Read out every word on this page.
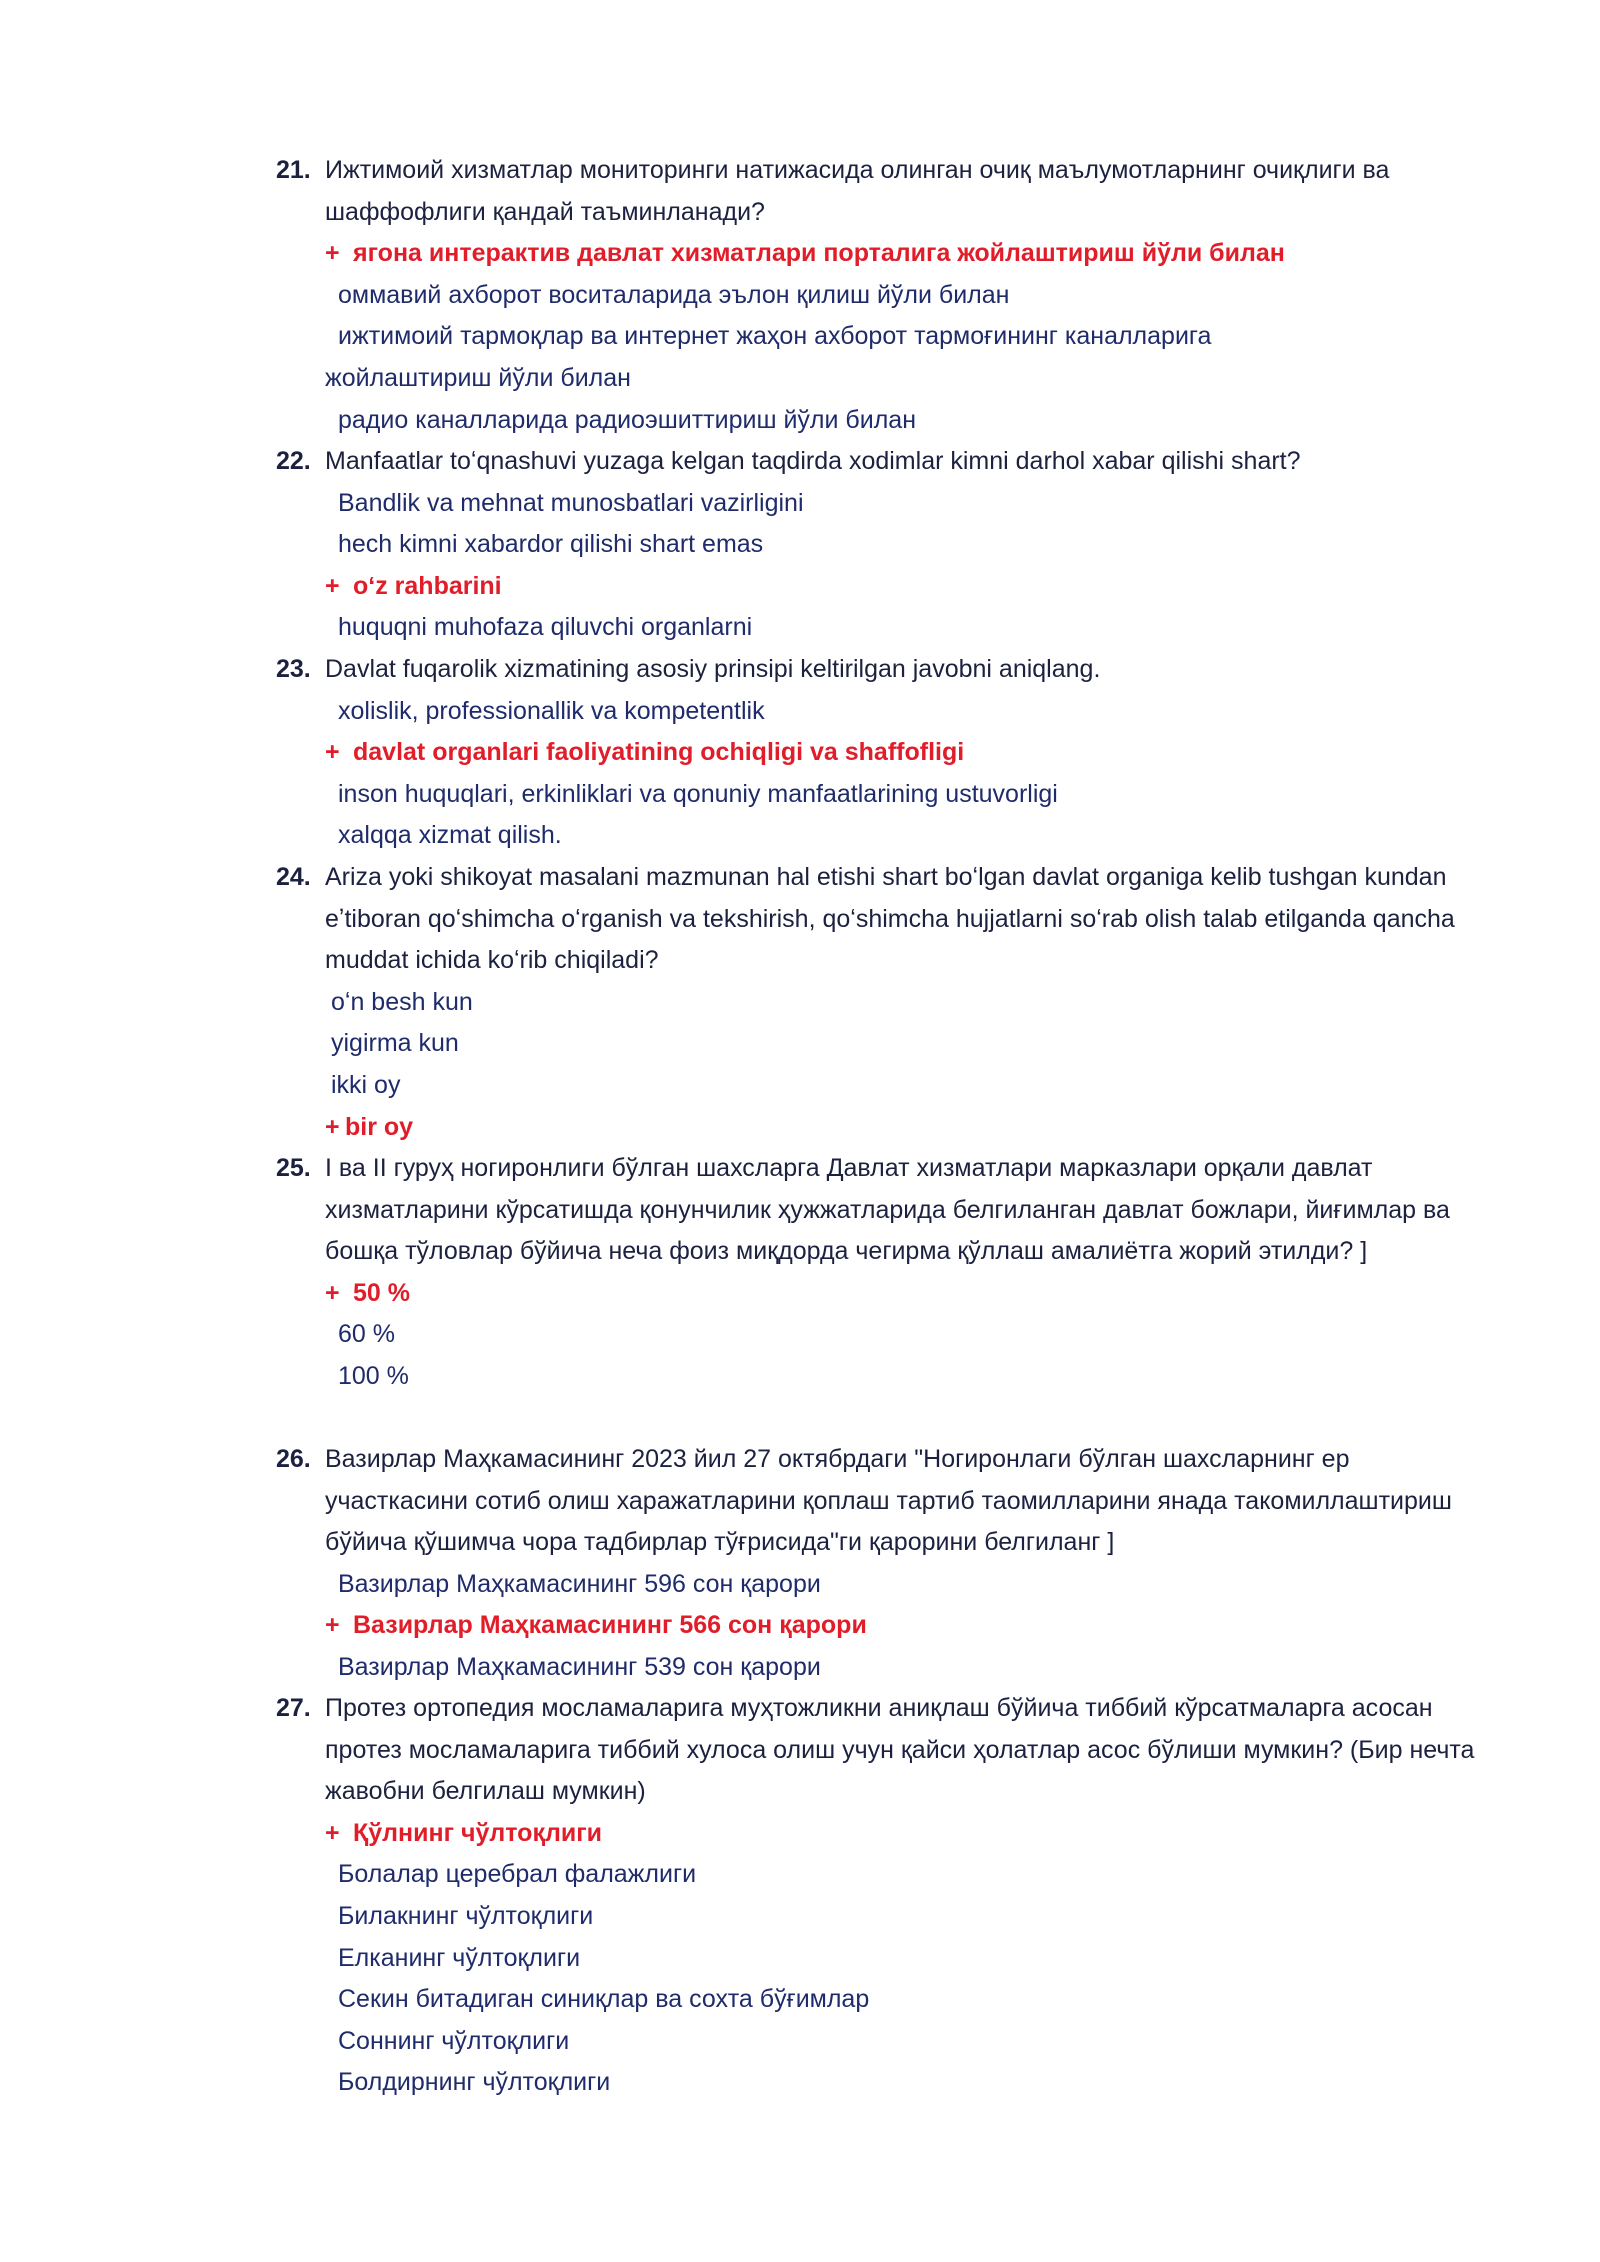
21. Ижтимоий хизматлар мониторинги натижасида олинган очиқ маълумотларнинг очиқлиги ва шаффофлиги қандай таъминланади?
+ ягона интерактив давлат хизматлари порталига жойлаштириш йўли билан
оммавий ахборот воситаларида эълон қилиш йўли билан
ижтимоий тармоқлар ва интернет жаҳон ахборот тармоғининг каналларига
жойлаштириш йўли билан
радио каналларида радиоэшиттириш йўли билан
22. Manfaatlar toʻqnashuvi yuzaga kelgan taqdirda xodimlar kimni darhol xabar qilishi shart?
Bandlik va mehnat munosbatlari vazirligini
hech kimni xabardor qilishi shart emas
+ oʻz rahbarini
huquqni muhofaza qiluvchi organlarni
23. Davlat fuqarolik xizmatining asosiy prinsipi keltirilgan javobni aniqlang.
xolislik, professionallik va kompetentlik
+ davlat organlari faoliyatining ochiqligi va shaffofligi
inson huquqlari, erkinliklari va qonuniy manfaatlarining ustuvorligi
xalqqa xizmat qilish.
24. Ariza yoki shikoyat masalani mazmunan hal etishi shart boʻlgan davlat organiga kelib tushgan kundan eʼtiboran qoʻshimcha oʻrganish va tekshirish, qoʻshimcha hujjatlarni soʻrab olish talab etilganda qancha muddat ichida koʻrib chiqiladi?
oʻn besh kun
yigirma kun
ikki oy
+ bir oy
25. I ва II гуруҳ ногиронлиги бўлган шахсларга Давлат хизматлари марказлари орқали давлат хизматларини кўрсатишда қонунчилик ҳужжатларида белгиланган давлат божлари, йиғимлар ва бошқа тўловлар бўйича неча фоиз миқдорда чегирма қўллаш амалиётга жорий этилди? ]
+ 50 %
60 %
100 %
26. Вазирлар Маҳкамасининг 2023 йил 27 октябрдаги "Ногиронлаги бўлган шахсларнинг ер участкасини сотиб олиш харажатларини қоплаш тартиб таомилларини янада такомиллаштириш бўйича қўшимча чора тадбирлар тўғрисида"ги қарорини белгиланг ]
Вазирлар Маҳкамасининг 596 сон қарори
+ Вазирлар Маҳкамасининг 566 сон қарори
Вазирлар Маҳкамасининг 539 сон қарори
27. Протез ортопедия мосламаларига муҳтожликни аниқлаш бўйича тиббий кўрсатмаларга асосан протез мосламаларига тиббий хулоса олиш учун қайси ҳолатлар асос бўлиши мумкин? (Бир нечта жавобни белгилаш мумкин)
+ Қўлнинг чўлтоқлиги
Болалар церебрал фалажлиги
Билакнинг чўлтоқлиги
Елканинг чўлтоқлиги
Секин битадиган синиқлар ва сохта бўғимлар
Соннинг чўлтоқлиги
Болдирнинг чўлтоқлиги
